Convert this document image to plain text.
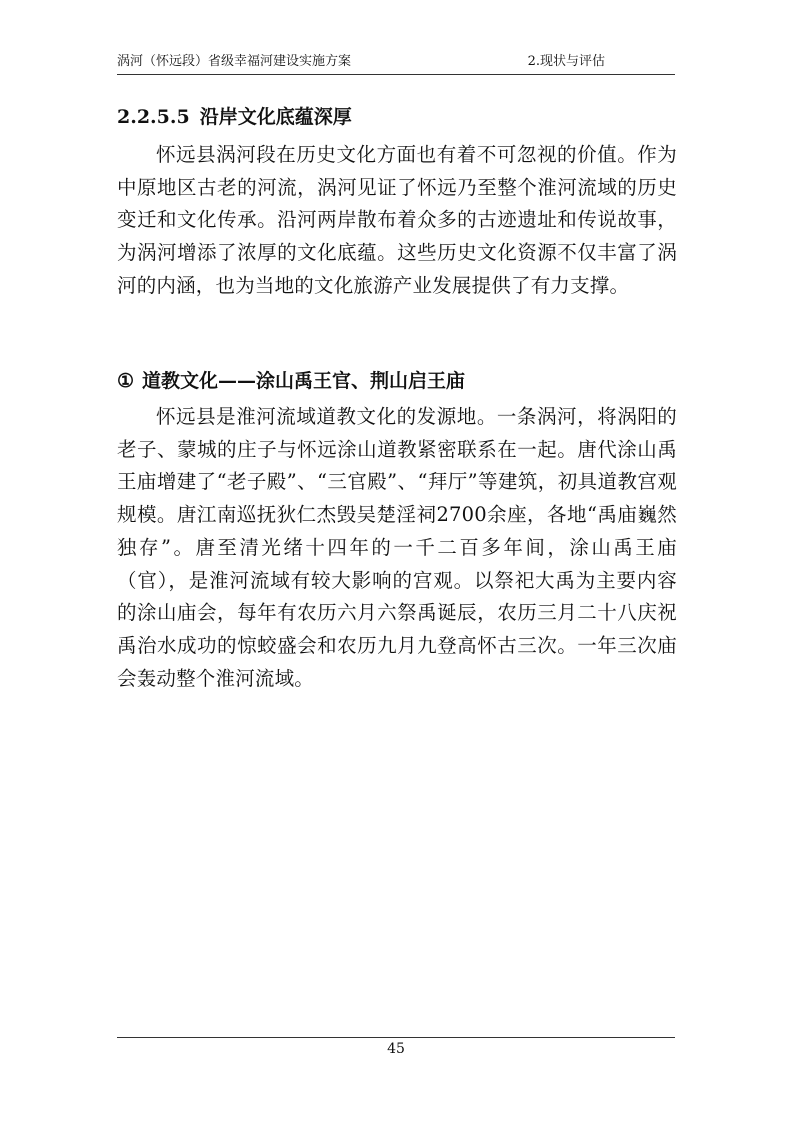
涡河（怀远段）省级幸福河建设实施方案	2.现状与评估
2.2.5.5 沿岸文化底蕴深厚

怀远县涡河段在历史文化方面也有着不可忽视的价值。作为中原地区古老的河流，涡河见证了怀远乃至整个淮河流域的历史变迁和文化传承。沿河两岸散布着众多的古迹遗址和传说故事，为涡河增添了浓厚的文化底蕴。这些历史文化资源不仅丰富了涡河的内涵，也为当地的文化旅游产业发展提供了有力支撑。

① 道教文化——涂山禹王官、荆山启王庙

怀远县是淮河流域道教文化的发源地。一条涡河，将涡阳的老子、蒙城的庄子与怀远涂山道教紧密联系在一起。唐代涂山禹王庙增建了“老子殿”、“三官殿”、“拜厅”等建筑，初具道教宫观规模。唐江南巡抚狄仁杰毁吴楚淫祠2700余座，各地“禹庙巍然独存”。唐至清光绪十四年的一千二百多年间，涂山禹王庙（官），是淮河流域有较大影响的宫观。以祭祀大禹为主要内容的涂山庙会，每年有农历六月六祭禹诞辰，农历三月二十八庆祝禹治水成功的惊蛟盛会和农历九月九登高怀古三次。一年三次庙会轰动整个淮河流域。

45
